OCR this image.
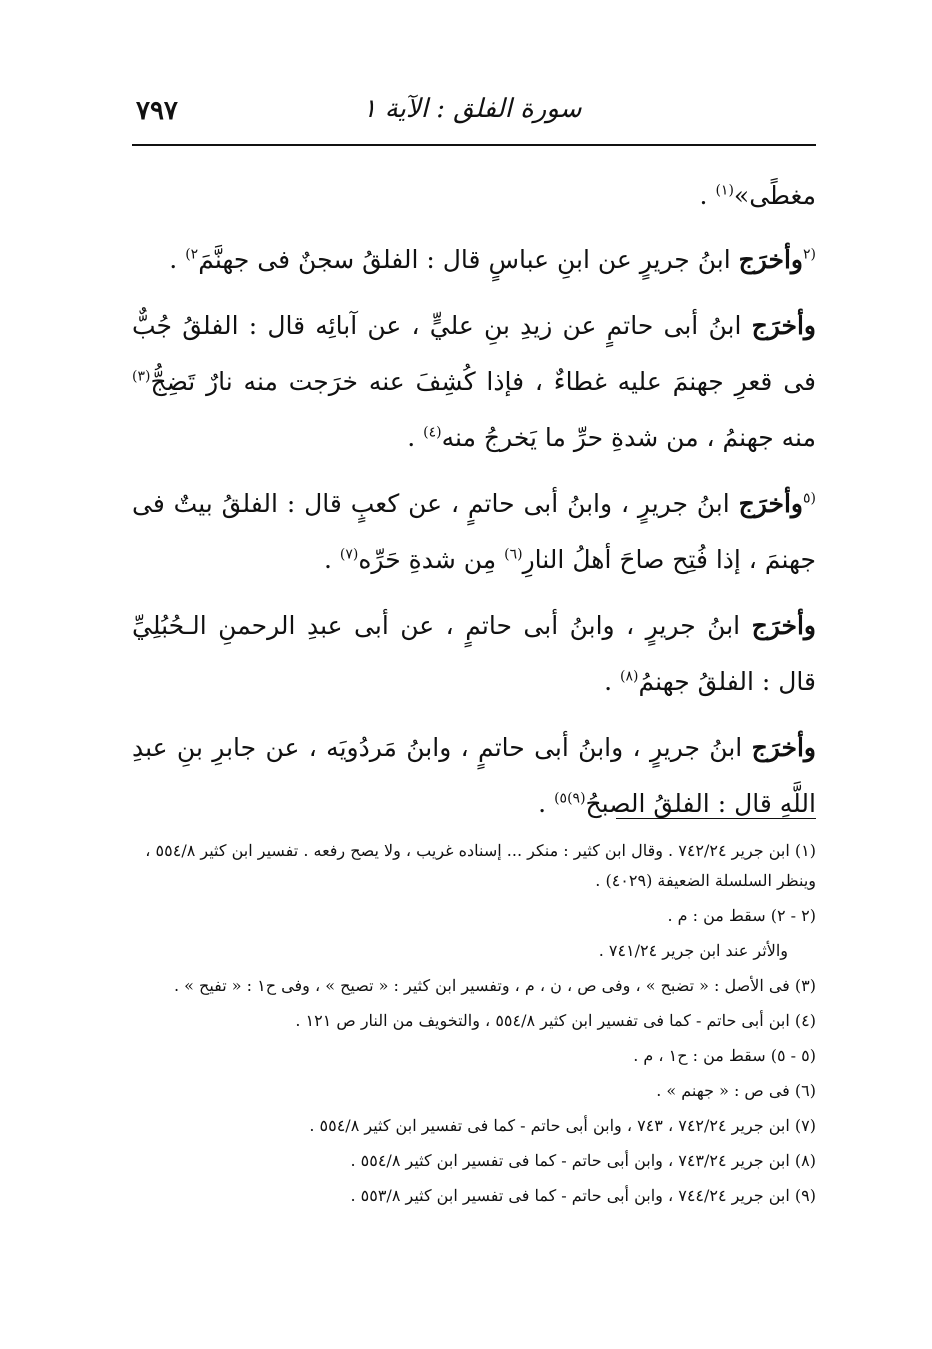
٧٩٧	سورة الفلق : الآية ١

مغطًى»$^{(١)}$ .

$^{(٢}$وأخرَج ابنُ جريرٍ عن ابنِ عباسٍ قال : الفلقُ سجنٌ فى جهنَّمَ$^{٢)}$ .

وأخرَج ابنُ أبى حاتمٍ عن زيدِ بنِ عليٍّ ، عن آبائِه قال : الفلقُ جُبٌّ فى قعرِ جهنمَ عليه غطاءٌ ، فإذا كُشِفَ عنه خرَجت منه نارٌ تَضِجُّ$^{(٣)}$ منه جهنمُ ، من شدةِ حرِّ ما يَخرجُ منه$^{(٤)}$ .

$^{(٥}$وأخرَج ابنُ جريرٍ ، وابنُ أبى حاتمٍ ، عن كعبٍ قال : الفلقُ بيتٌ فى جهنمَ ، إذا فُتِح صاحَ أهلُ النارِ$^{(٦)}$ مِن شدةِ حَرِّه$^{(٧)}$ .

وأخرَج ابنُ جريرٍ ، وابنُ أبى حاتمٍ ، عن أبى عبدِ الرحمنِ الـحُبُلِيِّ قال : الفلقُ جهنمُ$^{(٨)}$ .

وأخرَج ابنُ جريرٍ ، وابنُ أبى حاتمٍ ، وابنُ مَردُويَه ، عن جابرِ بنِ عبدِ اللَّهِ قال : الفلقُ الصبحُ$^{(٩)٥)}$ .

(١) ابن جرير ٧٤٢/٢٤ . وقال ابن كثير : منكر ... إسناده غريب ، ولا يصح رفعه . تفسير ابن كثير ٥٥٤/٨ ، وينظر السلسلة الضعيفة (٤٠٢٩) .

(٢ - ٢) سقط من : م .

والأثر عند ابن جرير ٧٤١/٢٤ .

(٣) فى الأصل : « تضبح » ، وفى ص ، ن ، م ، وتفسير ابن كثير : « تصيح » ، وفى ح١ : « تفيح » .

(٤) ابن أبى حاتم - كما فى تفسير ابن كثير ٥٥٤/٨ ، والتخويف من النار ص ١٢١ .

(٥ - ٥) سقط من : ح١ ، م .

(٦) فى ص : « جهنم » .

(٧) ابن جرير ٧٤٢/٢٤ ، ٧٤٣ ، وابن أبى حاتم - كما فى تفسير ابن كثير ٥٥٤/٨ .

(٨) ابن جرير ٧٤٣/٢٤ ، وابن أبى حاتم - كما فى تفسير ابن كثير ٥٥٤/٨ .

(٩) ابن جرير ٧٤٤/٢٤ ، وابن أبى حاتم - كما فى تفسير ابن كثير ٥٥٣/٨ .
